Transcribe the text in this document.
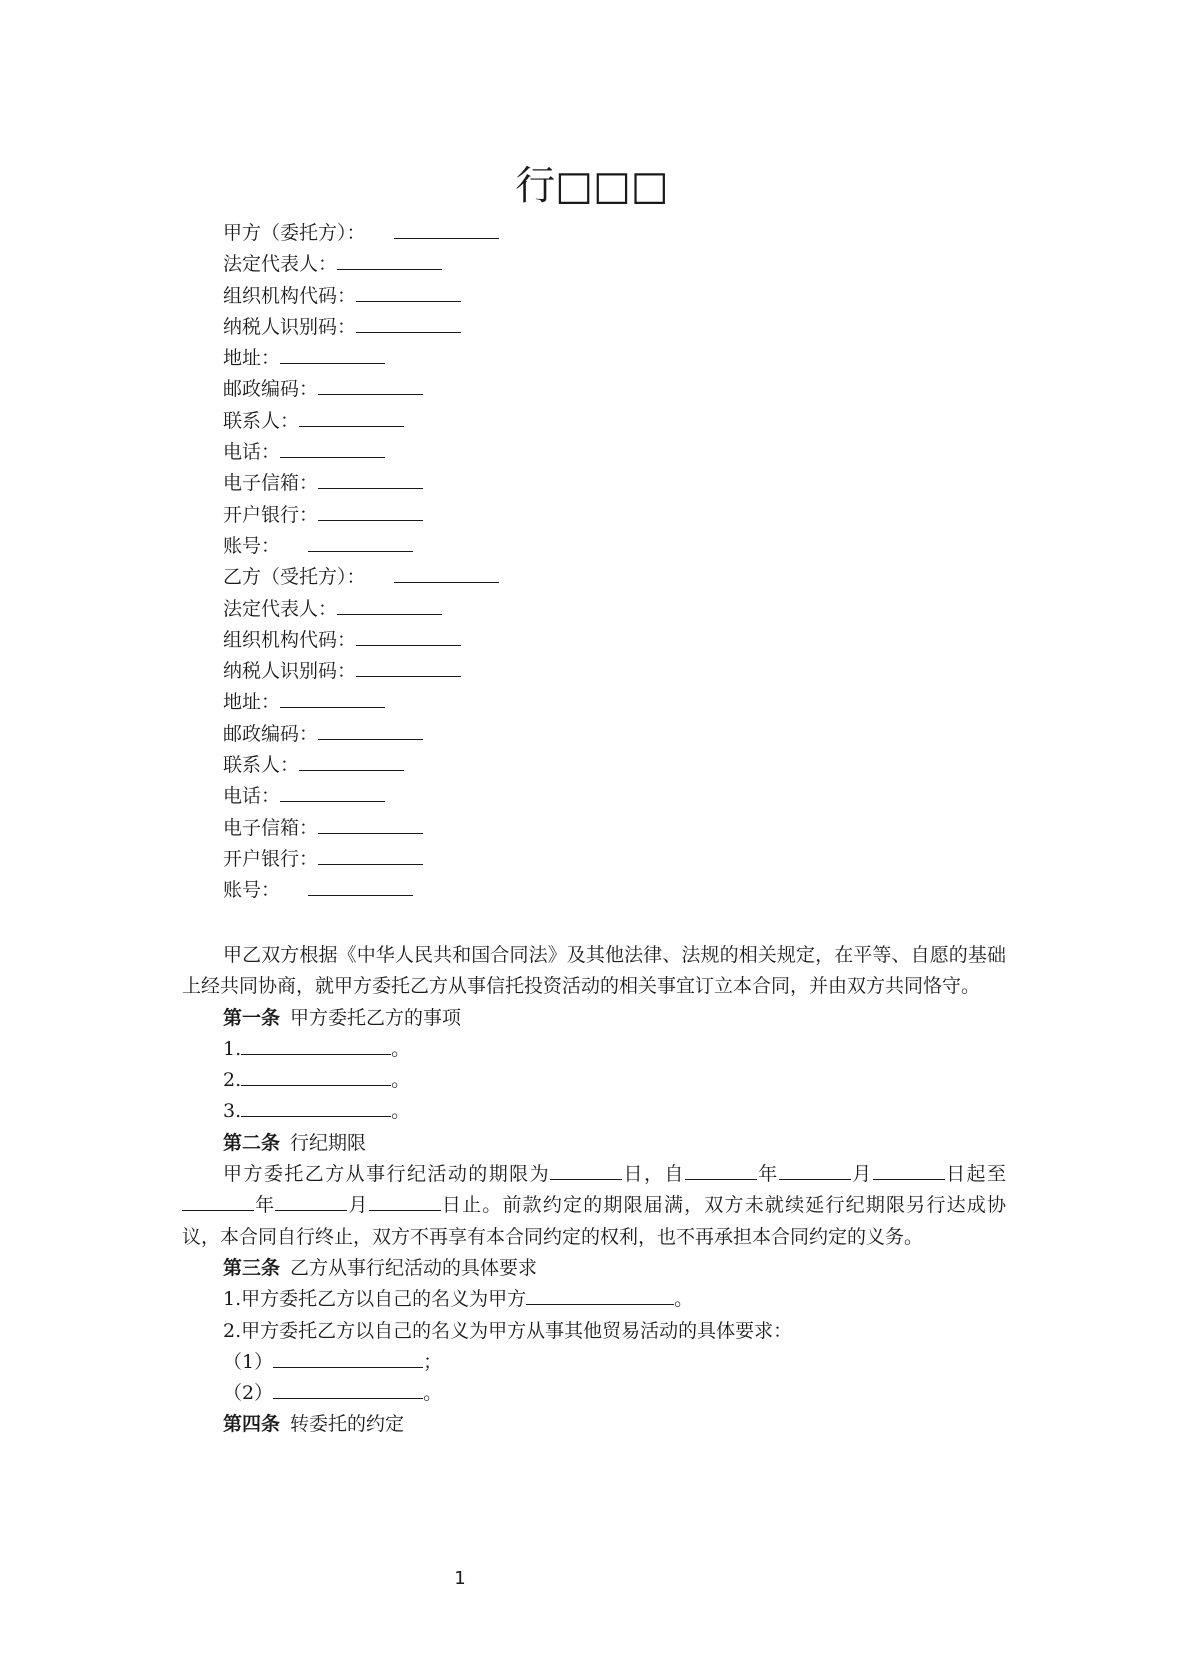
行□□□
甲方（委托方）：
法定代表人：
组织机构代码：
纳税人识别码：
地址：
邮政编码：
联系人：
电话：
电子信箱：
开户银行：
账号：
乙方（受托方）：
法定代表人：
组织机构代码：
纳税人识别码：
地址：
邮政编码：
联系人：
电话：
电子信箱：
开户银行：
账号：

甲乙双方根据《中华人民共和国合同法》及其他法律、法规的相关规定，在平等、自愿的基础上经共同协商，就甲方委托乙方从事信托投资活动的相关事宜订立本合同，并由双方共同恪守。

第一条 甲方委托乙方的事项

1.	。

2.	。

3.	。

第二条 行纪期限

甲方委托乙方从事行纪活动的期限为	日，自	年	月	日起至年	月	日止。前款约定的期限届满，双方未就续延行纪期限另行达成协议，本合同自行终止，双方不再享有本合同约定的权利，也不再承担本合同约定的义务。

第三条 乙方从事行纪活动的具体要求

1.甲方委托乙方以自己的名义为甲方	。

2.甲方委托乙方以自己的名义为甲方从事其他贸易活动的具体要求：

（1）	；

（2）	。

第四条 转委托的约定

1
